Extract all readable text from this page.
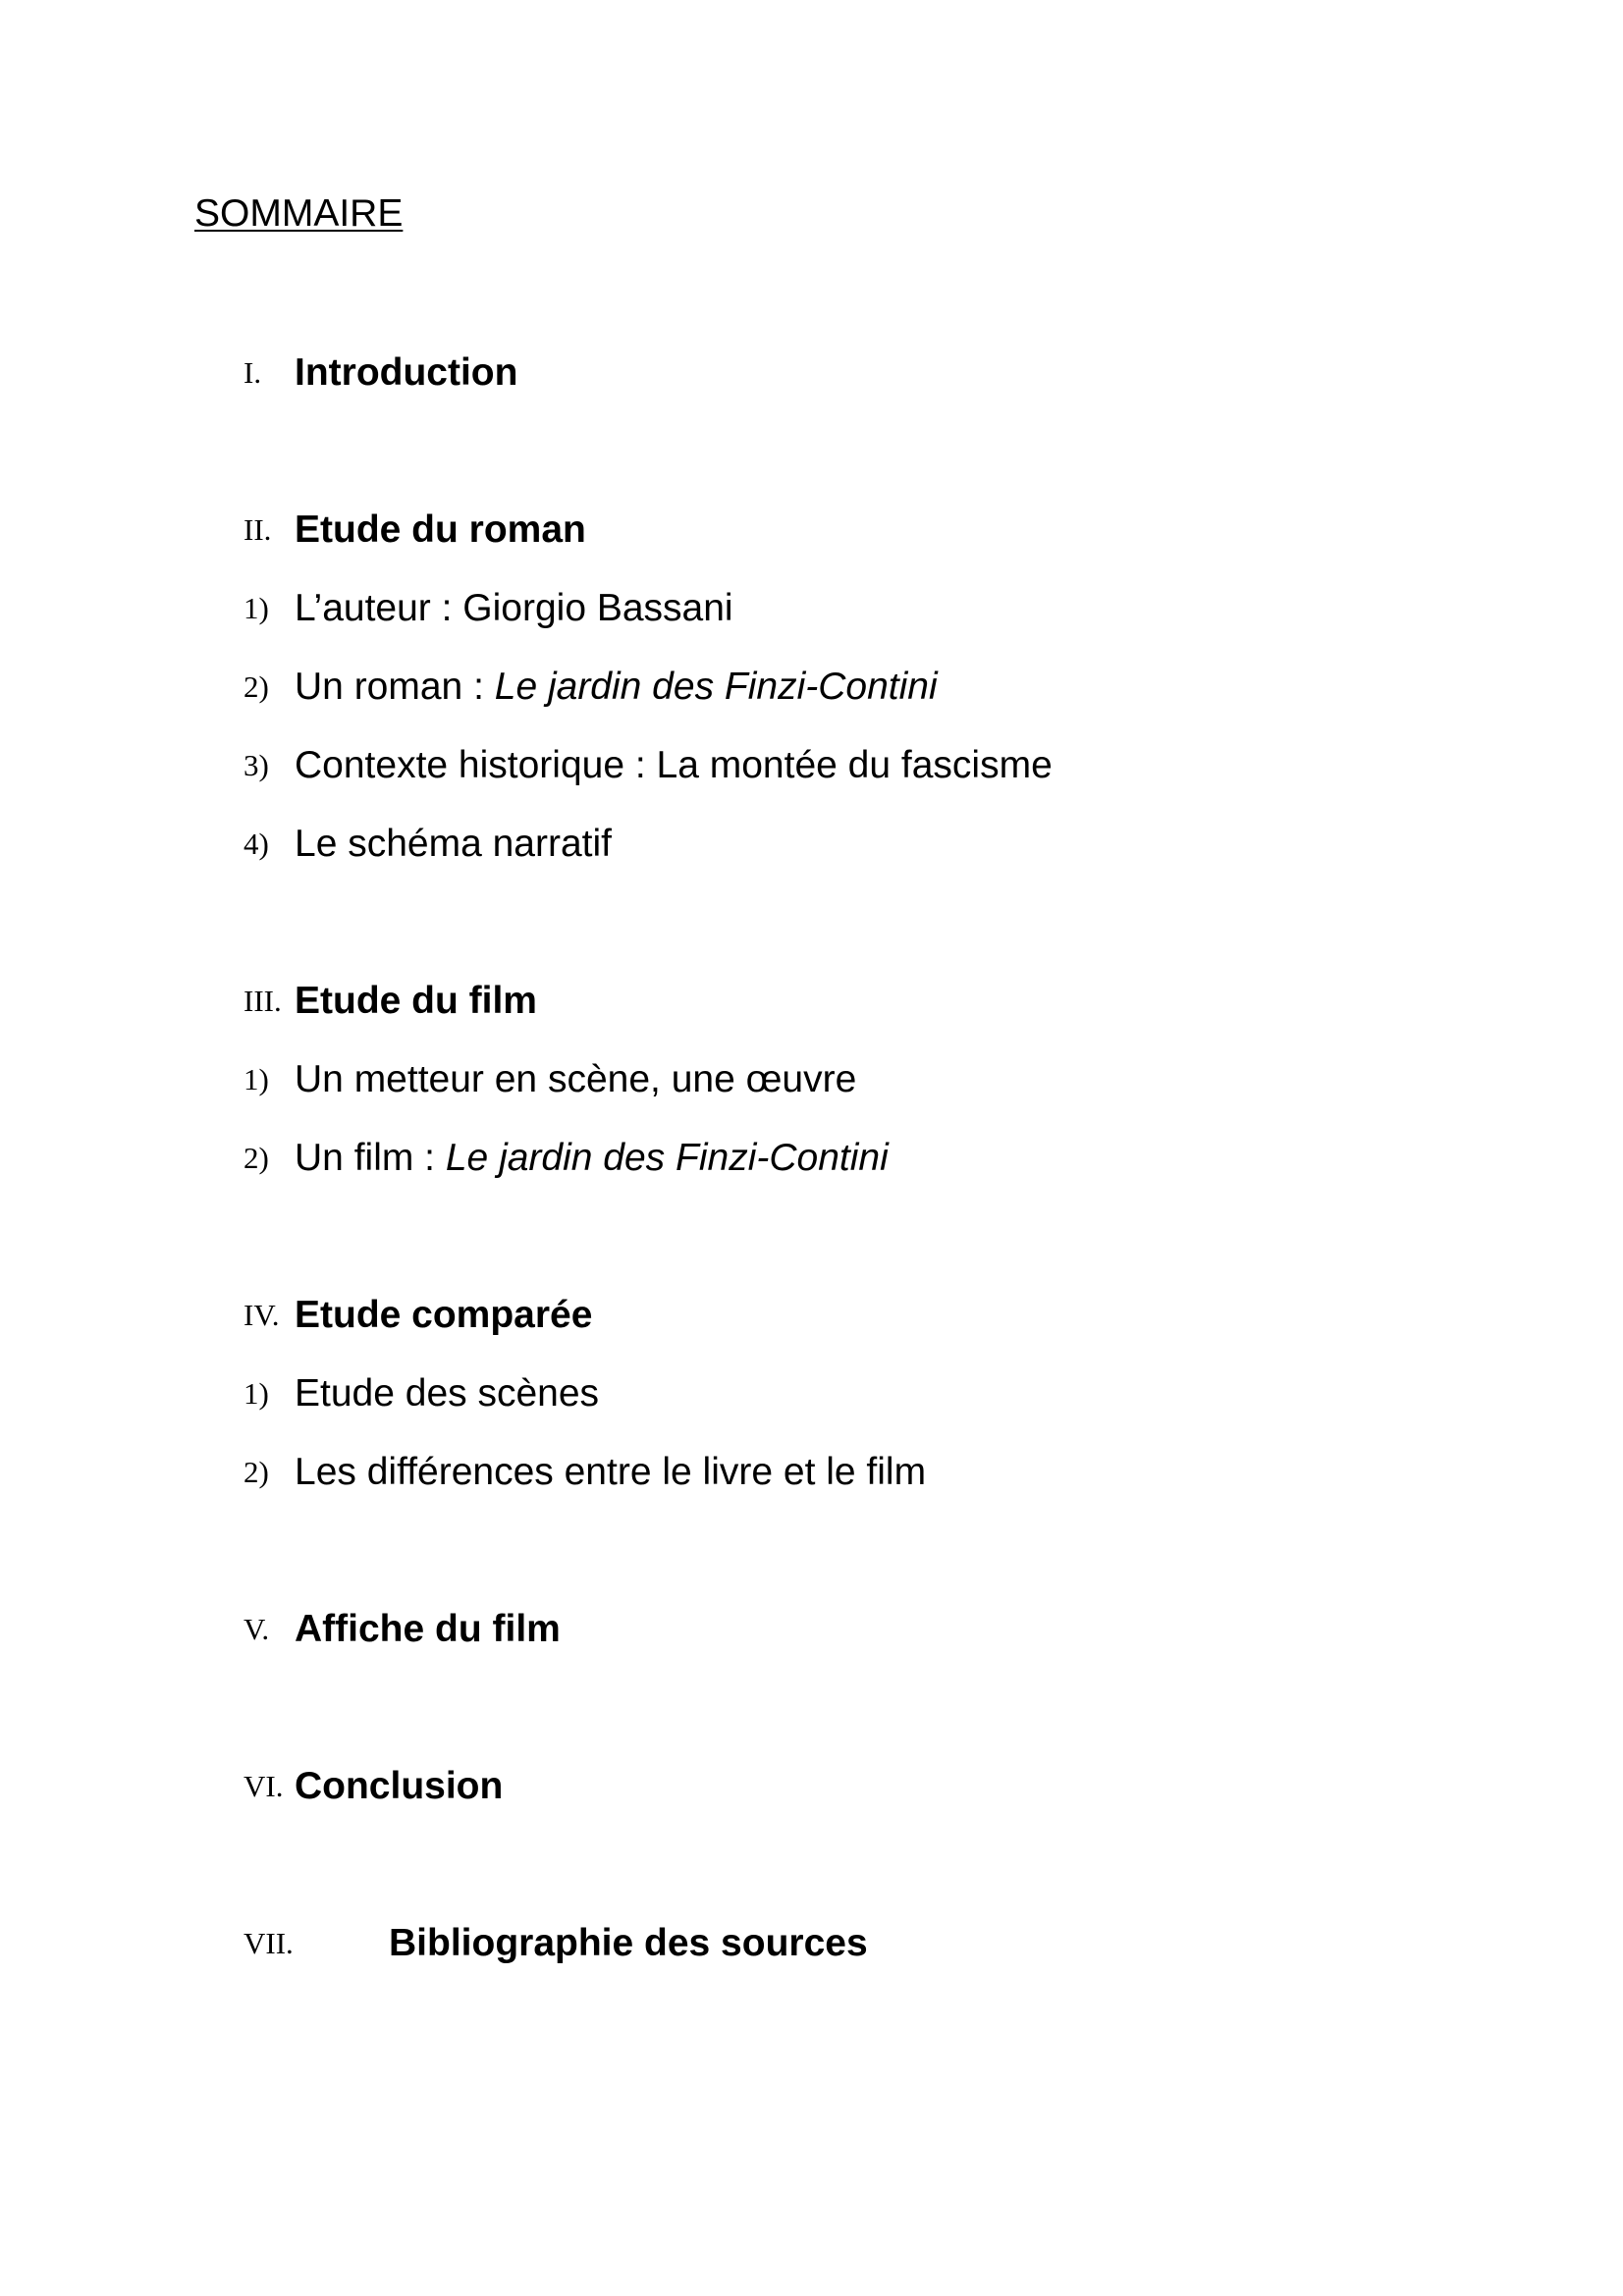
SOMMAIRE
I. Introduction
II. Etude du roman
1) L’auteur : Giorgio Bassani
2) Un roman : Le jardin des Finzi-Contini
3) Contexte historique : La montée du fascisme
4) Le schéma narratif
III. Etude du film
1) Un metteur en scène, une œuvre
2) Un film : Le jardin des Finzi-Contini
IV. Etude comparée
1) Etude des scènes
2) Les différences entre le livre et le film
V. Affiche du film
VI. Conclusion
VII. Bibliographie des sources
